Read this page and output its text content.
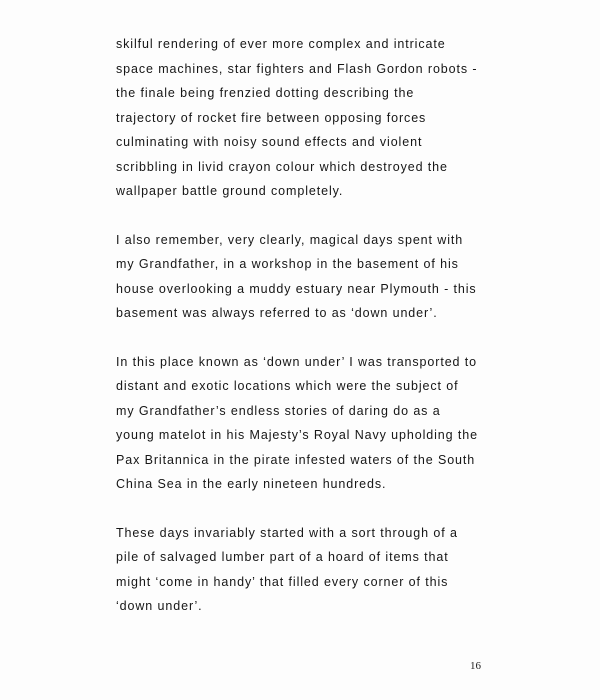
skilful rendering of ever more complex and intricate
space machines, star fighters and Flash Gordon robots -
the finale being frenzied dotting describing the
trajectory of rocket fire between opposing forces
culminating with noisy sound effects and violent
scribbling in livid crayon colour which destroyed the
wallpaper battle ground completely.

I also remember, very clearly, magical days spent with
my Grandfather, in a workshop in the basement of his
house overlooking a muddy estuary near Plymouth - this
basement was always referred to as ‘down under’.

In this place known as ‘down under’ I was transported to
distant and exotic locations which were the subject of
my Grandfather’s endless stories of daring do as a
young matelot in his Majesty’s Royal Navy upholding the
Pax Britannica in the pirate infested waters of the South
China Sea in the early nineteen hundreds.

These days invariably started with a sort through of a
pile of salvaged lumber part of a hoard of items that
might ‘come in handy’ that filled every corner of this
‘down under’.

16
